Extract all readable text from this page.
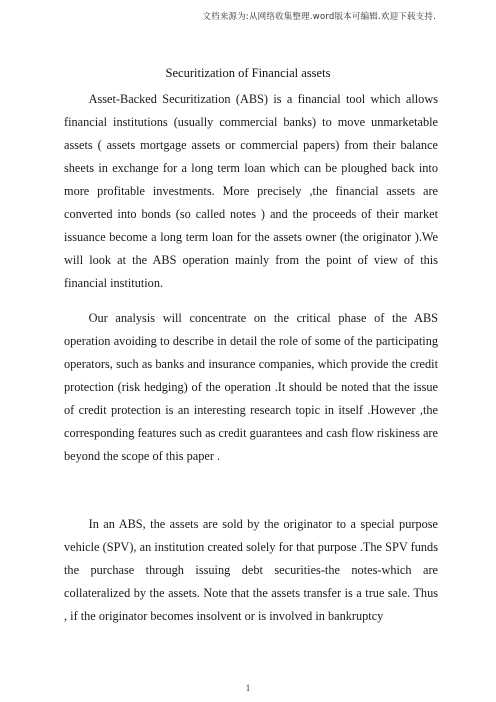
文档来源为:从网络收集整理.word版本可编辑.欢迎下载支持.
Securitization of Financial assets

Asset-Backed Securitization (ABS) is a financial tool which allows financial institutions (usually commercial banks) to move unmarketable assets ( assets mortgage assets or commercial papers) from their balance sheets in exchange for a long term loan which can be ploughed back into more profitable investments. More precisely ,the financial assets are converted into bonds (so called notes ) and the proceeds of their market issuance become a long term loan for the assets owner (the originator ).We will look at the ABS operation mainly from the point of view of this financial institution.

Our analysis will concentrate on the critical phase of the ABS operation avoiding to describe in detail the role of some of the participating operators, such as banks and insurance companies, which provide the credit protection (risk hedging) of the operation .It should be noted that the issue of credit protection is an interesting research topic in itself .However ,the corresponding features such as credit guarantees and cash flow riskiness are beyond the scope of this paper .

In an ABS, the assets are sold by the originator to a special purpose vehicle (SPV), an institution created solely for that purpose .The SPV funds the purchase through issuing debt securities-the notes-which are collateralized by the assets. Note that the assets transfer is a true sale. Thus , if the originator becomes insolvent or is involved in bankruptcy

1
